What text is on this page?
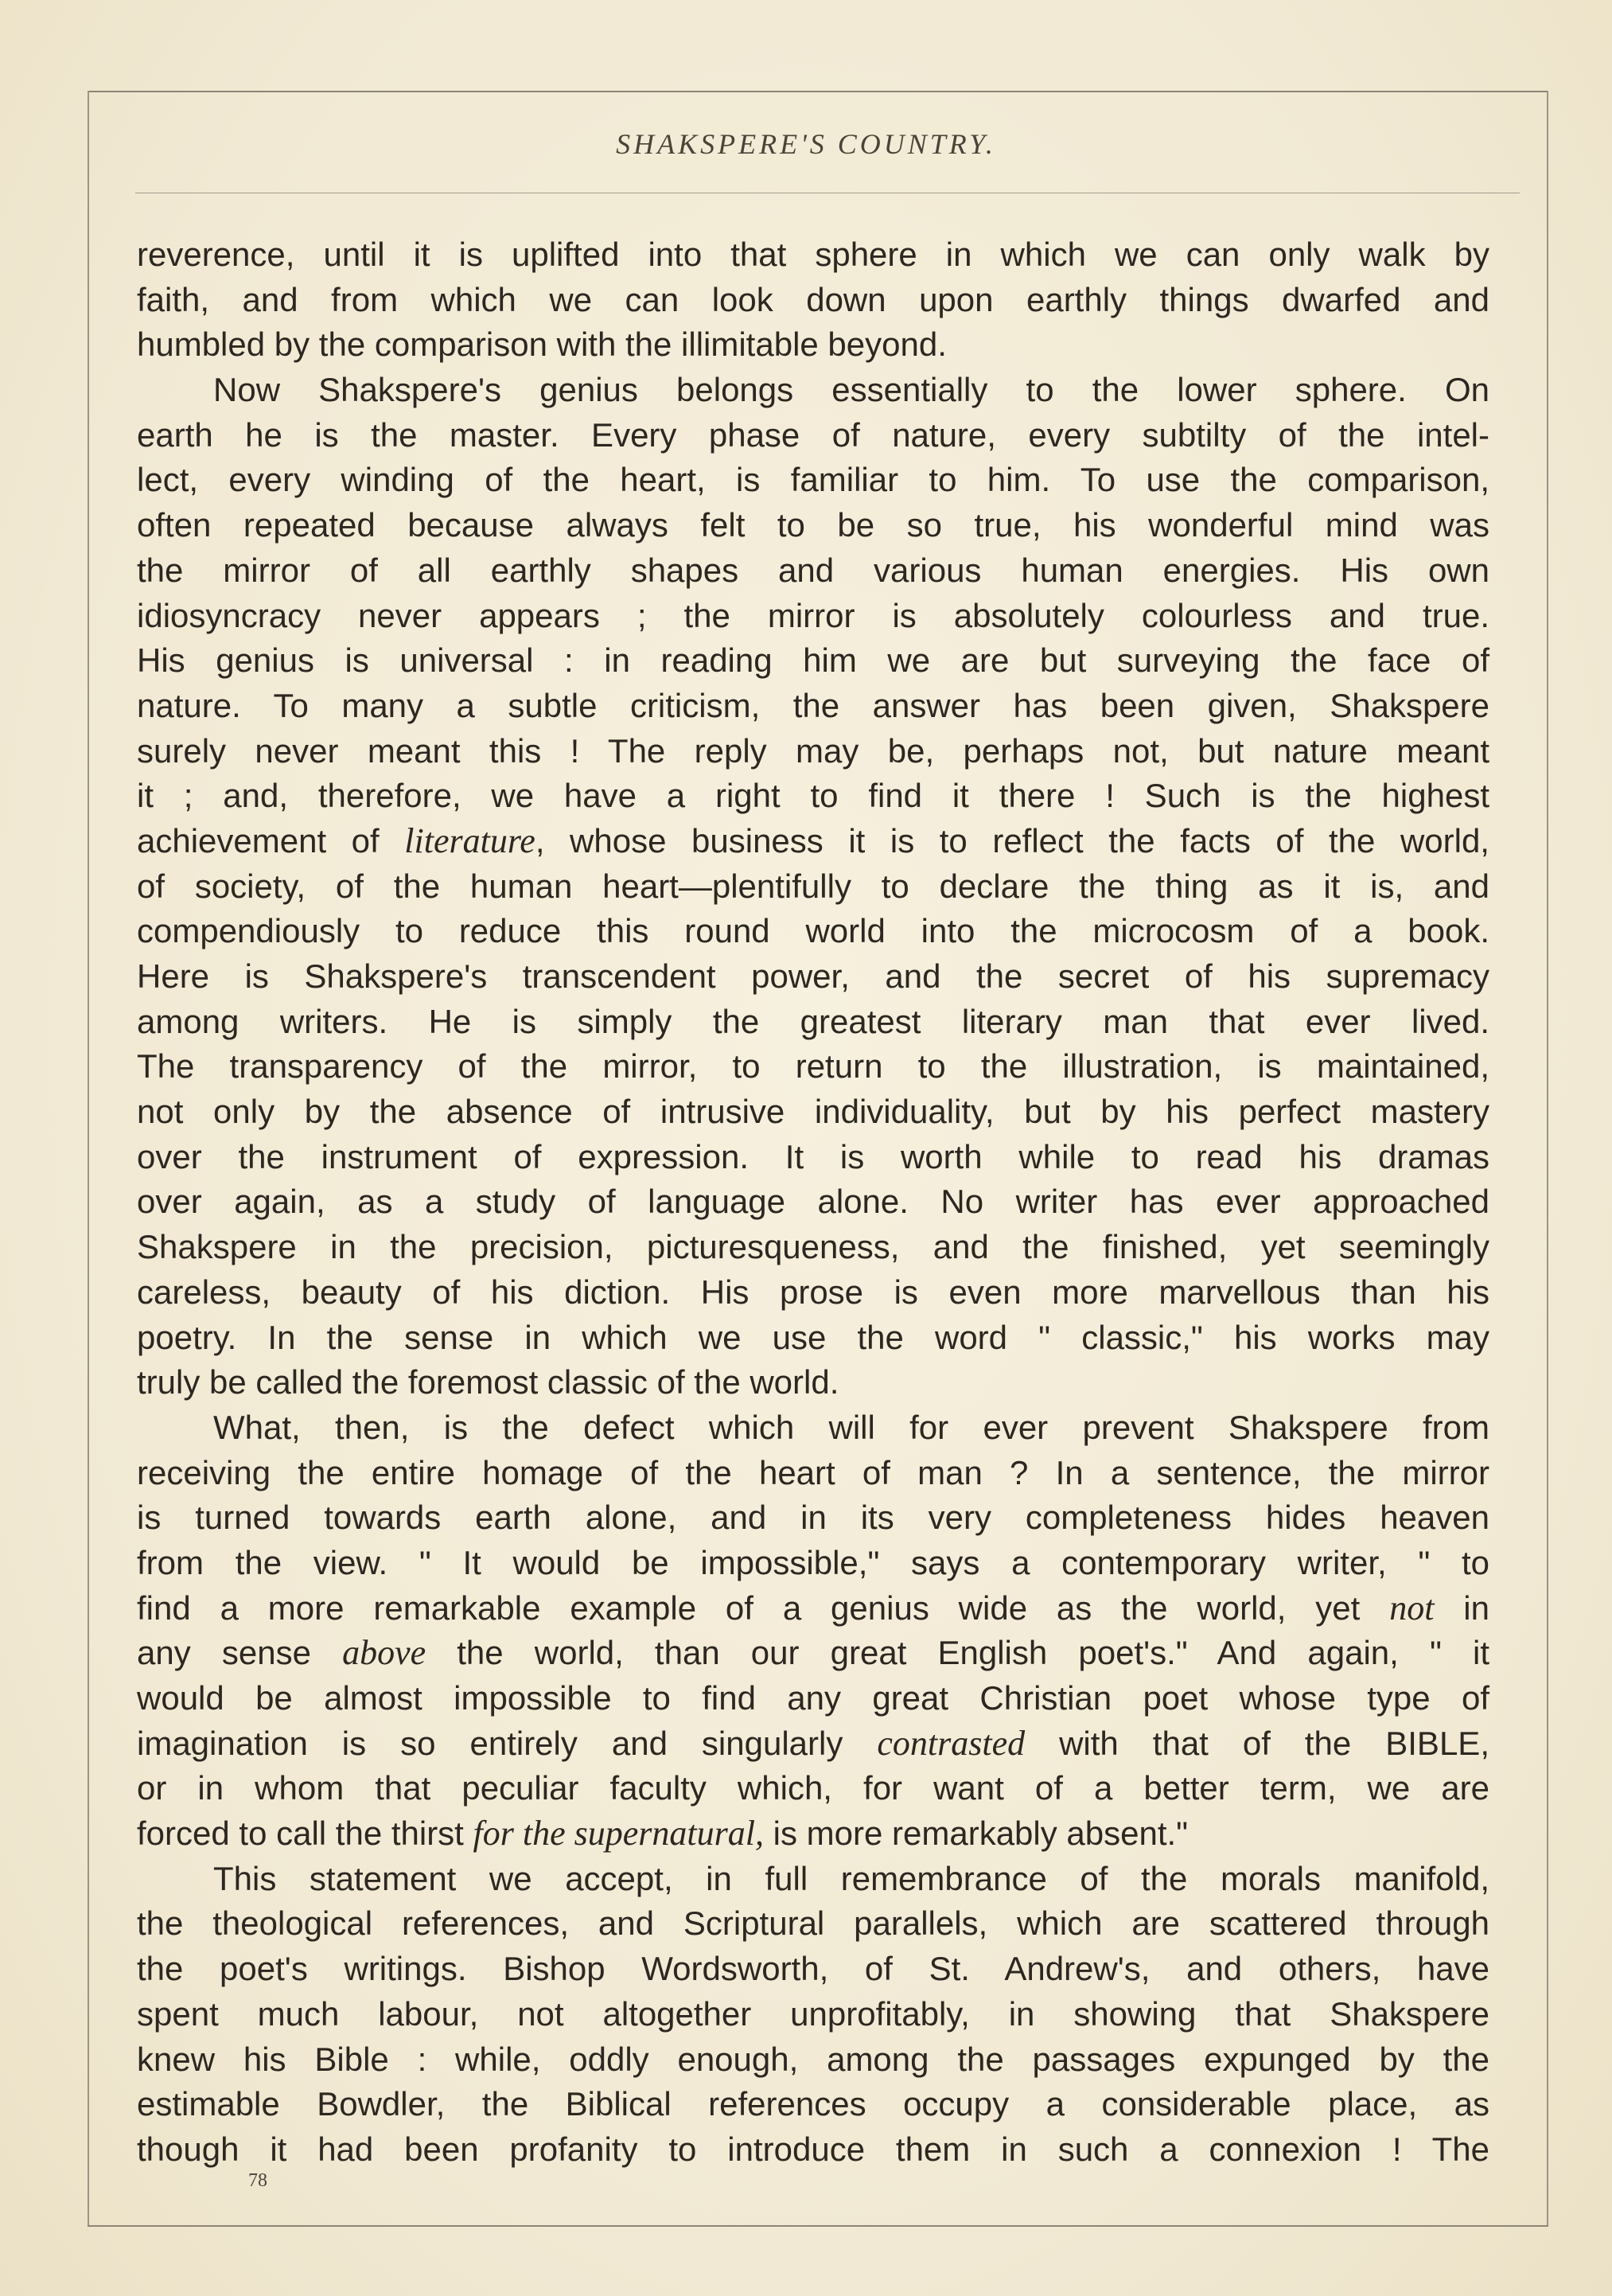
SHAKSPERE'S COUNTRY.
reverence, until it is uplifted into that sphere in which we can only walk by
faith, and from which we can look down upon earthly things dwarfed and
humbled by the comparison with the illimitable beyond.
Now Shakspere's genius belongs essentially to the lower sphere. On
earth he is the master. Every phase of nature, every subtilty of the intel-
lect, every winding of the heart, is familiar to him. To use the comparison,
often repeated because always felt to be so true, his wonderful mind was
the mirror of all earthly shapes and various human energies. His own
idiosyncracy never appears ; the mirror is absolutely colourless and true.
His genius is universal : in reading him we are but surveying the face of
nature. To many a subtle criticism, the answer has been given, Shakspere
surely never meant this ! The reply may be, perhaps not, but nature meant
it ; and, therefore, we have a right to find it there ! Such is the highest
achievement of literature, whose business it is to reflect the facts of the world,
of society, of the human heart—plentifully to declare the thing as it is, and
compendiously to reduce this round world into the microcosm of a book.
Here is Shakspere's transcendent power, and the secret of his supremacy
among writers. He is simply the greatest literary man that ever lived.
The transparency of the mirror, to return to the illustration, is maintained,
not only by the absence of intrusive individuality, but by his perfect mastery
over the instrument of expression. It is worth while to read his dramas
over again, as a study of language alone. No writer has ever approached
Shakspere in the precision, picturesqueness, and the finished, yet seemingly
careless, beauty of his diction. His prose is even more marvellous than his
poetry. In the sense in which we use the word " classic," his works may
truly be called the foremost classic of the world.
What, then, is the defect which will for ever prevent Shakspere from
receiving the entire homage of the heart of man ? In a sentence, the mirror
is turned towards earth alone, and in its very completeness hides heaven
from the view. " It would be impossible," says a contemporary writer, " to
find a more remarkable example of a genius wide as the world, yet not in
any sense above the world, than our great English poet's." And again, " it
would be almost impossible to find any great Christian poet whose type of
imagination is so entirely and singularly contrasted with that of the BIBLE,
or in whom that peculiar faculty which, for want of a better term, we are
forced to call the thirst for the supernatural, is more remarkably absent."
This statement we accept, in full remembrance of the morals manifold,
the theological references, and Scriptural parallels, which are scattered through
the poet's writings. Bishop Wordsworth, of St. Andrew's, and others, have
spent much labour, not altogether unprofitably, in showing that Shakspere
knew his Bible : while, oddly enough, among the passages expunged by the
estimable Bowdler, the Biblical references occupy a considerable place, as
though it had been profanity to introduce them in such a connexion ! The
78
